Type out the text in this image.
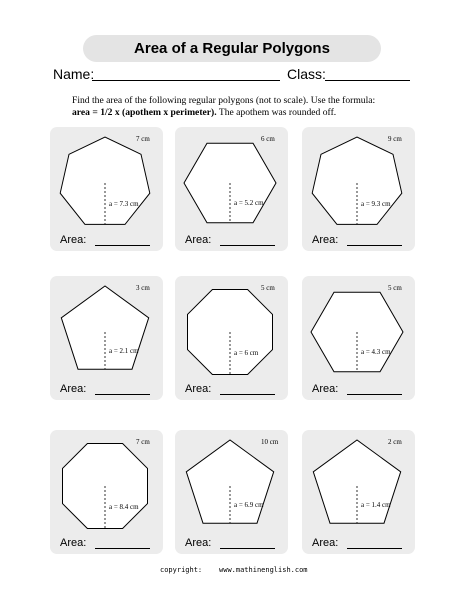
Area of a Regular Polygons
Name:	Class:
Find the area of the following regular polygons (not to scale). Use the formula:
area = 1/2 x (apothem x perimeter). The apothem was rounded off.
7 cm
a = 7.3 cm
Area:
6 cm
a = 5.2 cm
Area:
9 cm
a = 9.3 cm
Area:
3 cm
a = 2.1 cm
Area:
5 cm
a = 6 cm
Area:
5 cm
a = 4.3 cm
Area:
7 cm
a = 8.4 cm
Area:
10 cm
a = 6.9 cm
Area:
2 cm
a = 1.4 cm
Area:
copyright: www.mathinenglish.com
